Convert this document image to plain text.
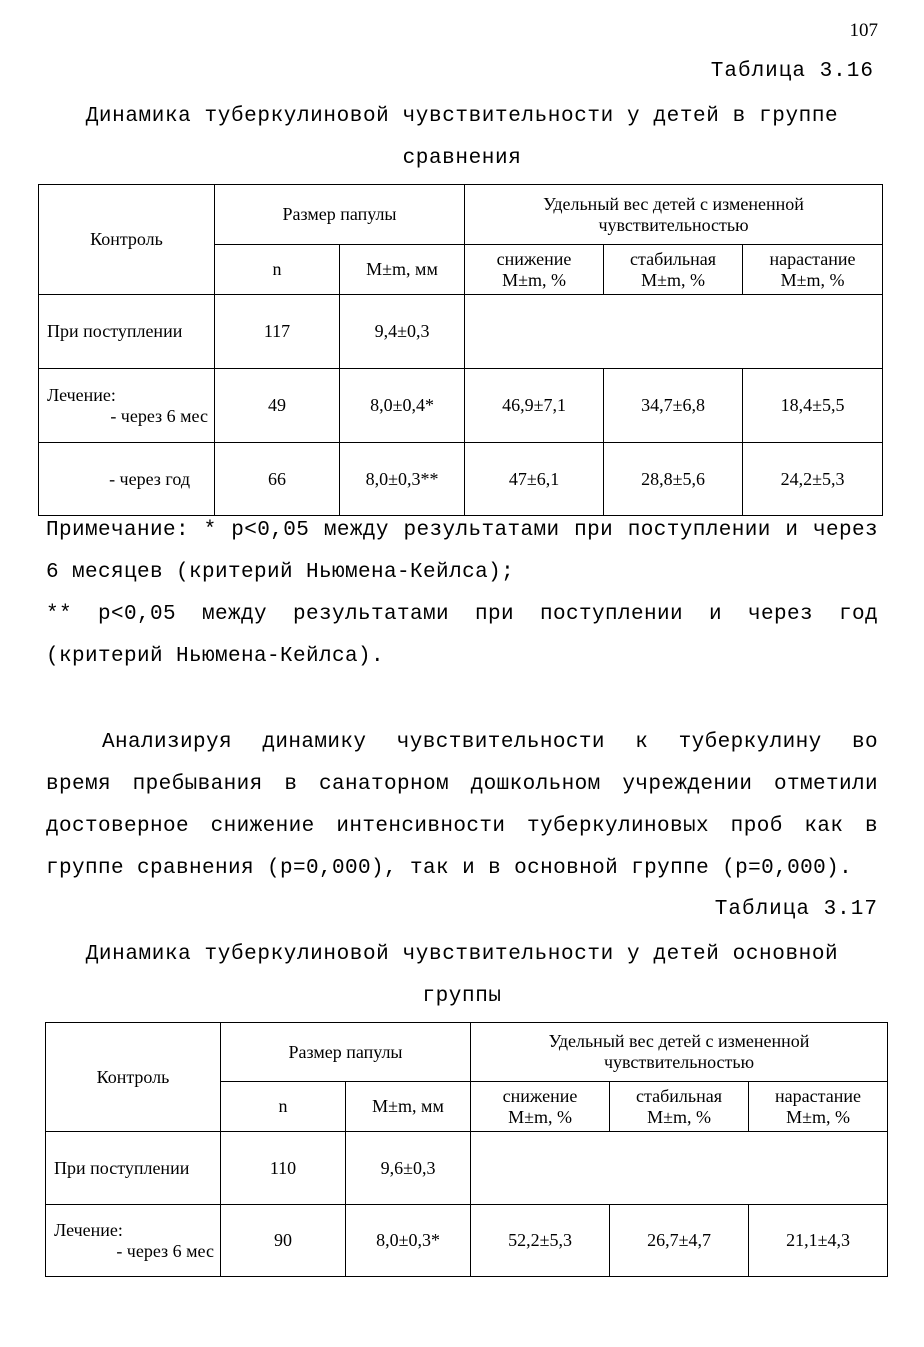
107
Таблица 3.16
Динамика туберкулиновой чувствительности у детей в группе
сравнения
Контроль	Размер папулы		Удельный вес детей с измененной чувствительностью		
	n	M±m, мм	снижение M±m, %	стабильная M±m, %	нарастание M±m, %
При поступлении	117	9,4±0,3			

Лечение:
- через 6 мес	49	8,0±0,4*	46,9±7,1	34,7±6,8	18,4±5,5
- через год	66	8,0±0,3**	47±6,1	28,8±5,6	24,2±5,3
Примечание: * p<0,05 между результатами при поступлении и через
6 месяцев (критерий Ньюмена-Кейлса);
** p<0,05 между результатами при поступлении и через год
(критерий Ньюмена-Кейлса).
Анализируя динамику чувствительности к туберкулину во
время пребывания в санаторном дошкольном учреждении отметили
достоверное снижение интенсивности туберкулиновых проб как в
группе сравнения (p=0,000), так и в основной группе (p=0,000).
Таблица 3.17
Динамика туберкулиновой чувствительности у детей основной
группы
Контроль	Размер папулы		Удельный вес детей с измененной чувствительностью		
	n	M±m, мм	снижение M±m, %	стабильная M±m, %	нарастание M±m, %
При поступлении	110	9,6±0,3			

Лечение:
- через 6 мес	90	8,0±0,3*	52,2±5,3	26,7±4,7	21,1±4,3
